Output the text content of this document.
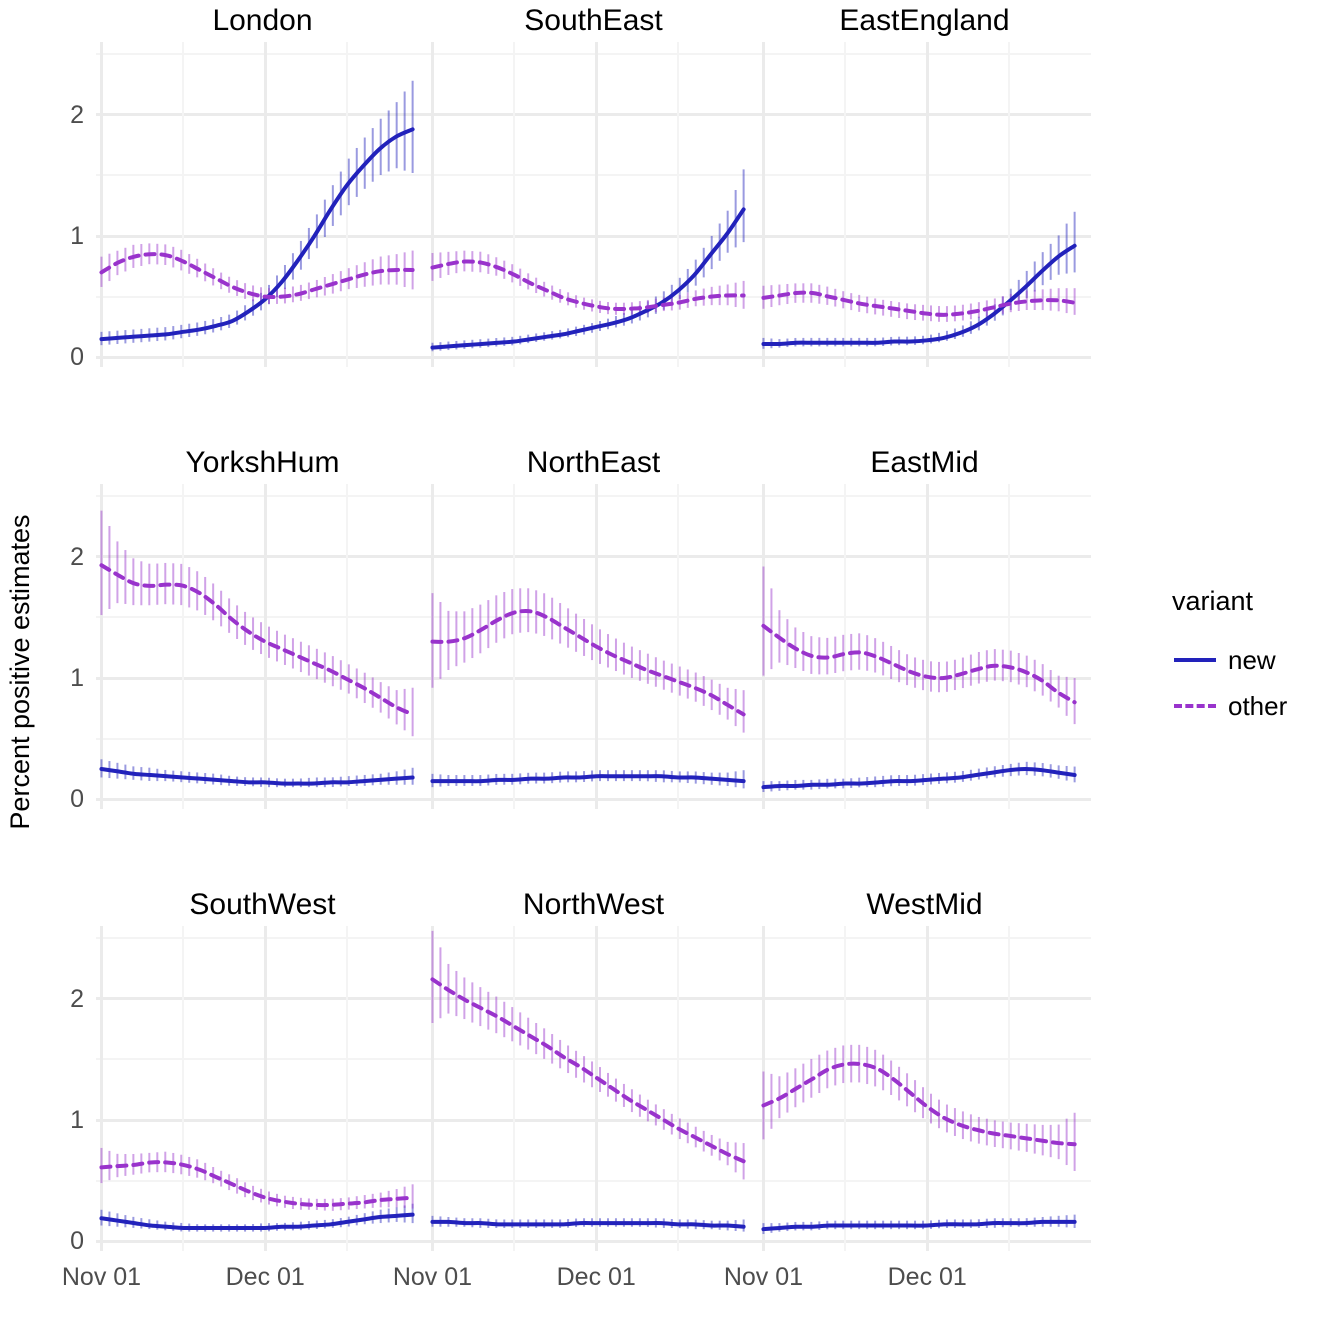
Percent positive estimates
London
0
1
2
SouthEast	EastEngland
YorkshHum
0
1
2
NorthEast	EastMid
SouthWest
0
1
2
Nov 01	Dec 01
NorthWest
Nov 01	Dec 01
WestMid
Nov 01	Dec 01
variant
new
other
